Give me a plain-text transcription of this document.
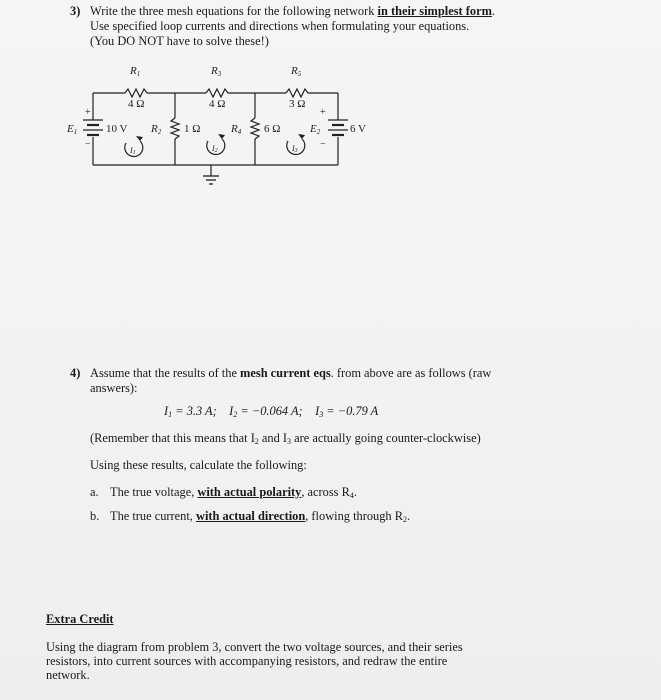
3) Write the three mesh equations for the following network in their simplest form.
Use specified loop currents and directions when formulating your equations.
(You DO NOT have to solve these!)
R1
4 Ω
R3
4 Ω
R5
3 Ω
R2 1 Ω	R4 6 Ω
E1	10 V
+
−
E2	6 V
+
−
I1	I2	I3
4) Assume that the results of the mesh current eqs. from above are as follows (raw
answers):
$I_1 = 3.3$ A; $I_2 = -0.064$ A; $I_3 = -0.79$ A
(Remember that this means that $I_2$ and $I_3$ are actually going counter-clockwise)
Using these results, calculate the following:
a. The true voltage, with actual polarity, across $R_4$.
b. The true current, with actual direction, flowing through $R_2$.
Extra Credit
Using the diagram from problem 3, convert the two voltage sources, and their series
resistors, into current sources with accompanying resistors, and redraw the entire
network.
